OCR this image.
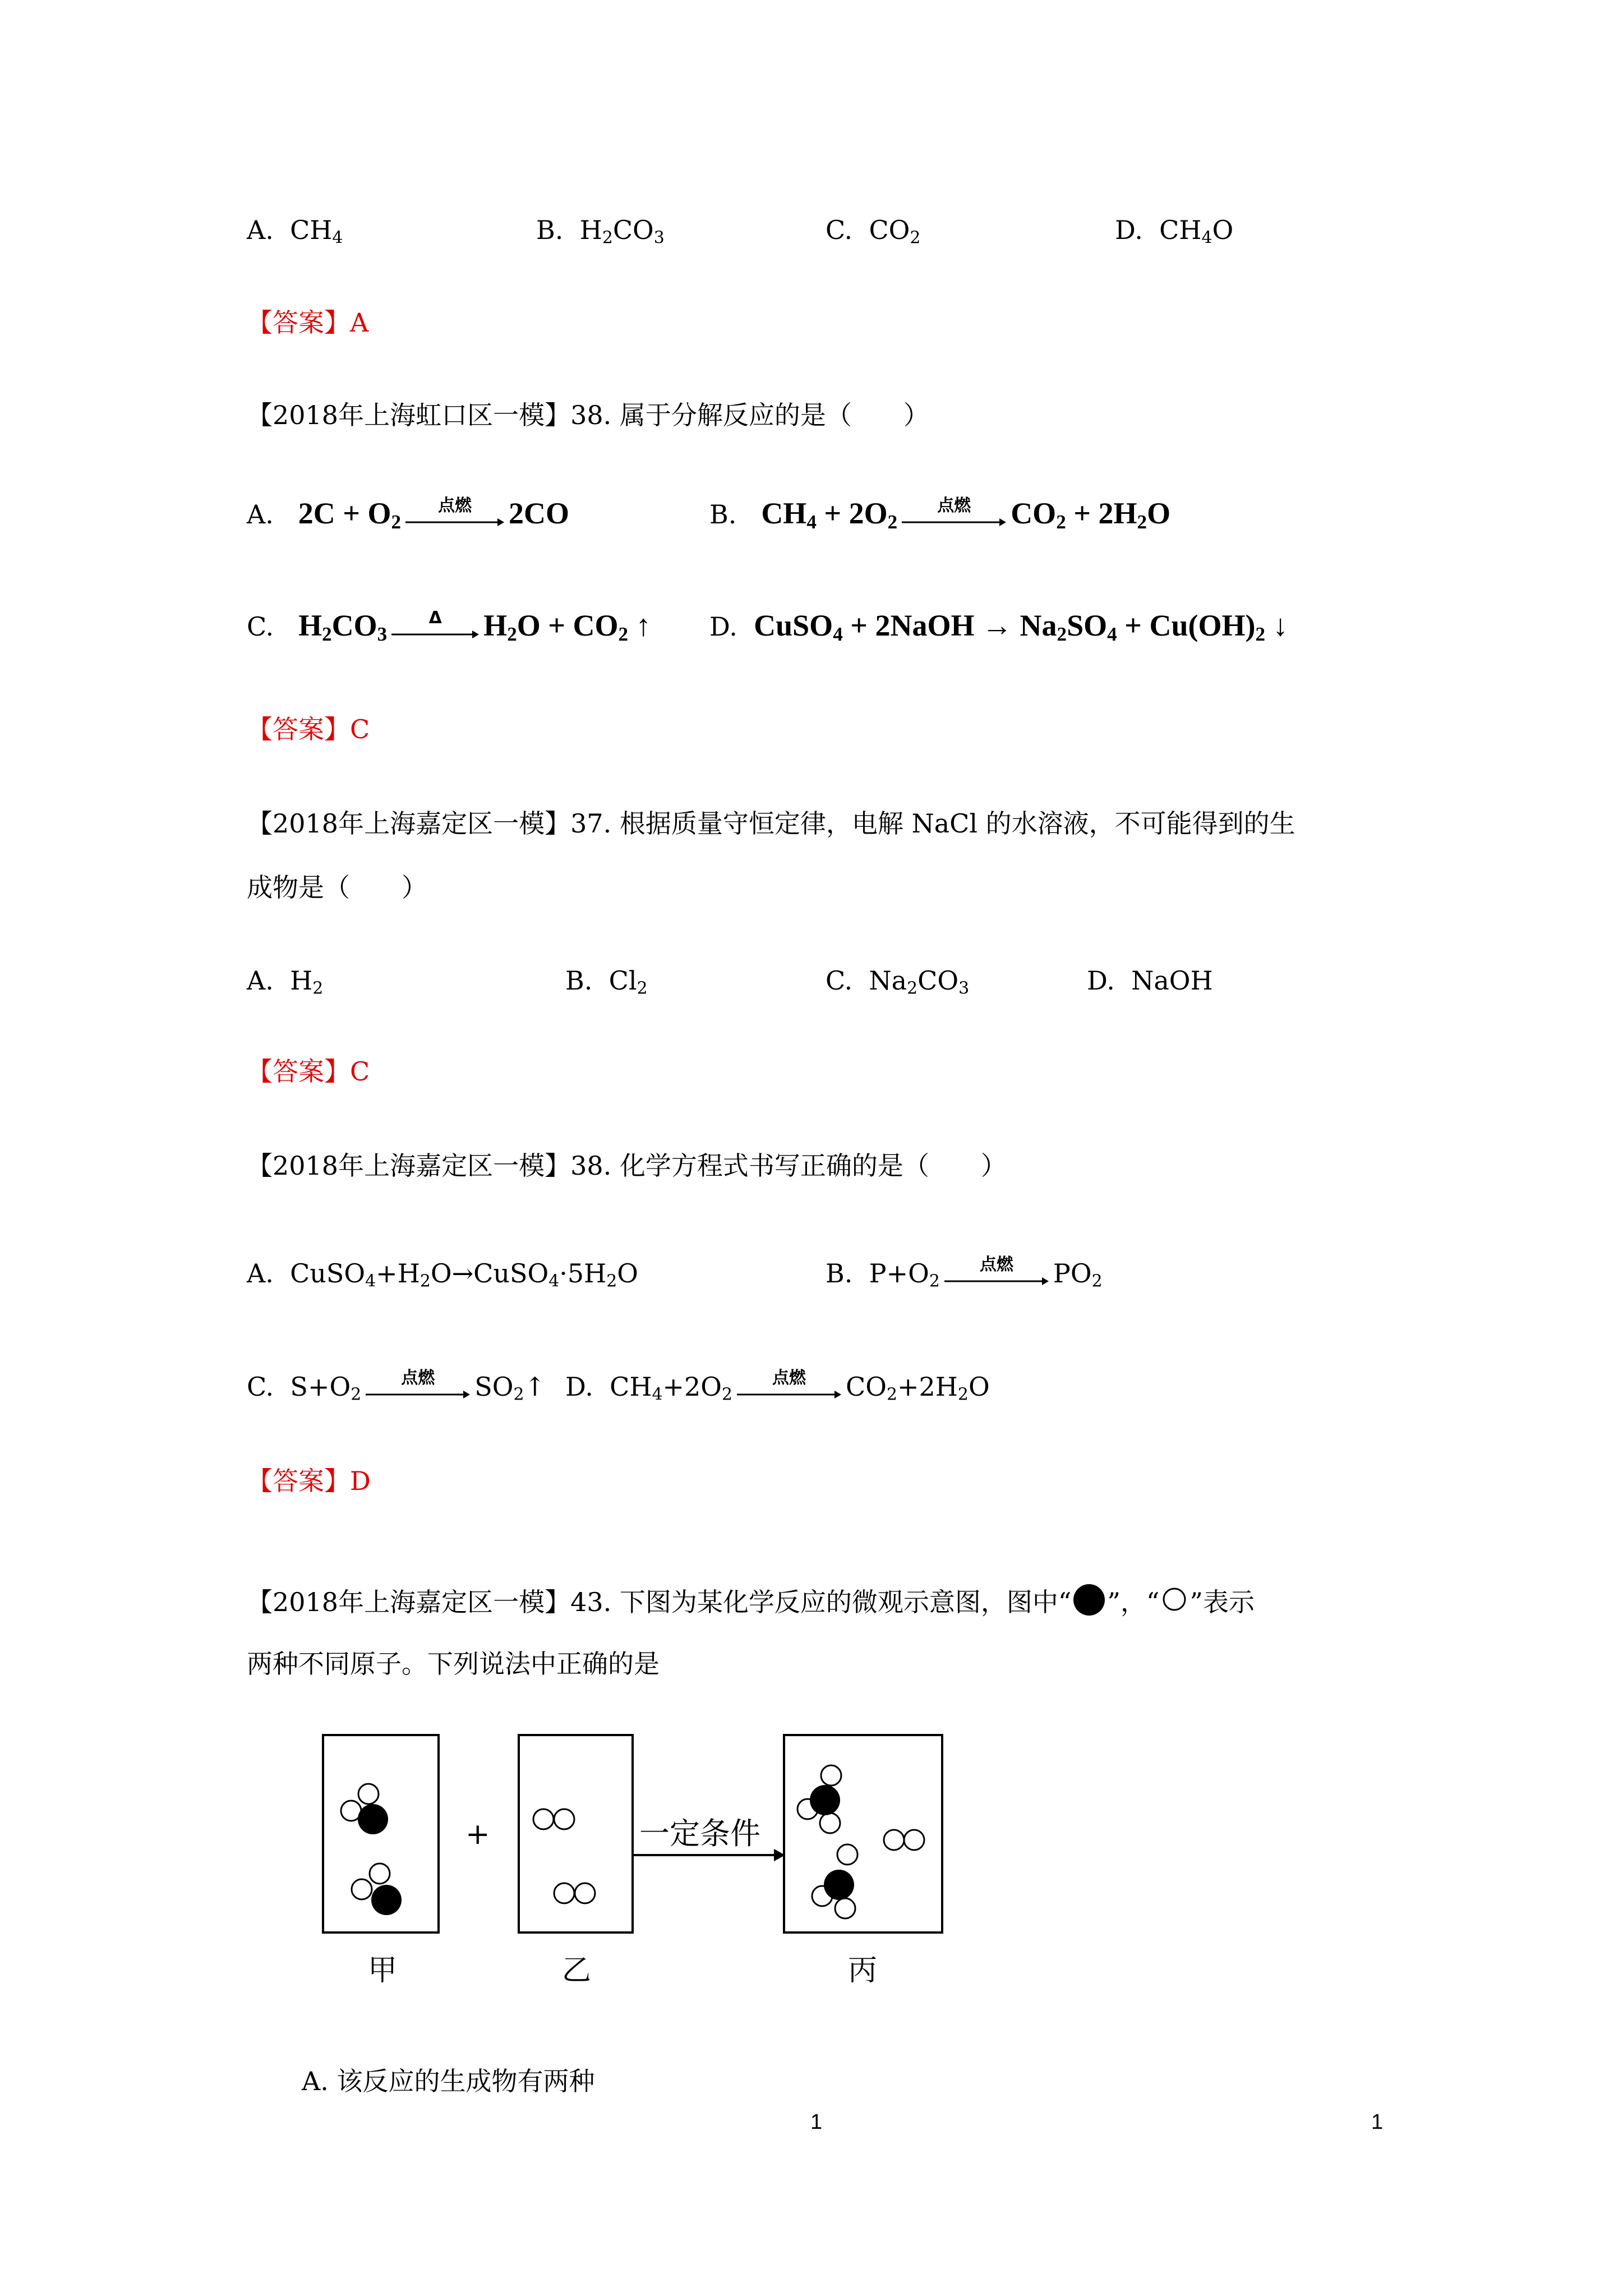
A. $CH_4$	B. $H_2CO_3$	C. $CO_2$	D. $CH_4O$
【答案】A
【2018年上海虹口区一模】38. 属于分解反应的是（　　）
A. $2C + O_2$
点燃	2CO	B. $CH_4 + 2O_2$
点燃	$CO_2 + 2H_2O$
C. $H_2CO_3$
Δ	$H_2O + CO_2$ ↑ D. CuSO$_4$ + 2NaOH → $Na_2SO_4 + Cu(OH)_2$ ↓
【答案】C
【2018年上海嘉定区一模】37. 根据质量守恒定律，电解 NaCl 的水溶液，不可能得到的生
成物是（　　）
A.  $H_2$	B.  $Cl_2$	C.  $Na_2CO_3$	D.  NaOH
【答案】C
【2018年上海嘉定区一模】38. 化学方程式书写正确的是（　　）
A.  $CuSO_4+H_2O\to CuSO_4\cdot 5H_2O$	B.  $P+O_2$
点燃	$PO_2$
C.  $S+O_2$
点燃	$SO_2↑$ D.  $CH_4+2O_2$
点燃	$CO_2+2H_2O$
【答案】D
【2018年上海嘉定区一模】43. 下图为某化学反应的微观示意图，图中“ ”，“ ”表示
两种不同原子。下列说法中正确的是
+	一定条件
甲	乙	丙
A. 该反应的生成物有两种
1	1
